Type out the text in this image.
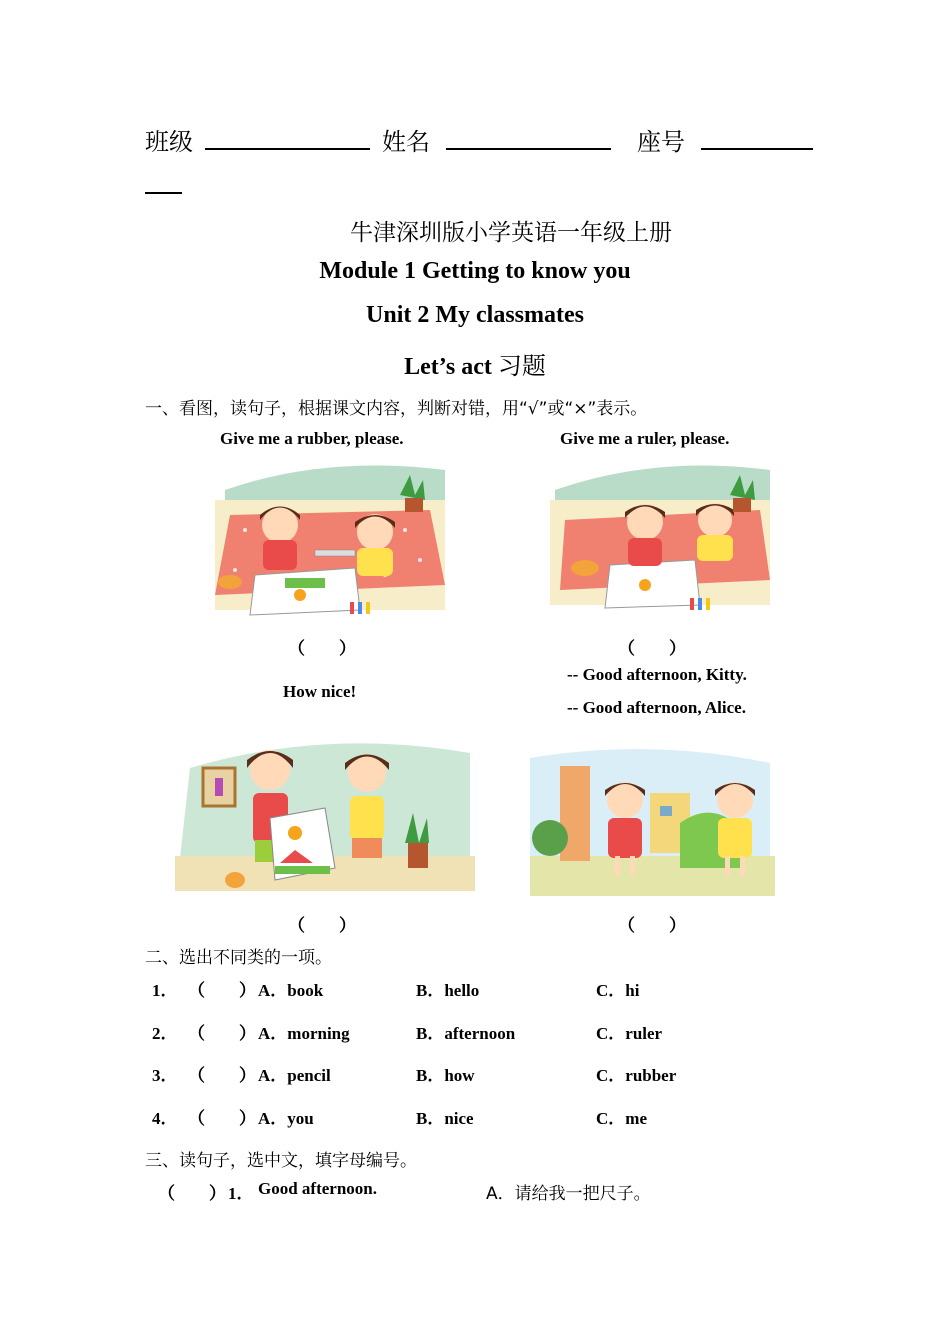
班级	姓名	座号
牛津深圳版小学英语一年级上册
Module 1 Getting to know you
Unit 2 My classmates
Let’s act 习题
一、看图，读句子，根据课文内容，判断对错，用“√”或“×”表示。
Give me a rubber, please.	Give me a ruler, please.
（　　）	（　　）
-- Good afternoon, Kitty.
How nice!
-- Good afternoon, Alice.
（　　）	（　　）
二、选出不同类的一项。
1． （　　） A．book	B．hello	C．hi
2． （　　） A．morning	B．afternoon	C．ruler
3． （　　） A．pencil	B．how	C．rubber
4． （　　） A．you	B．nice	C．me
三、读句子，选中文，填字母编号。
（　　） 1． Good afternoon.	A．请给我一把尺子。
